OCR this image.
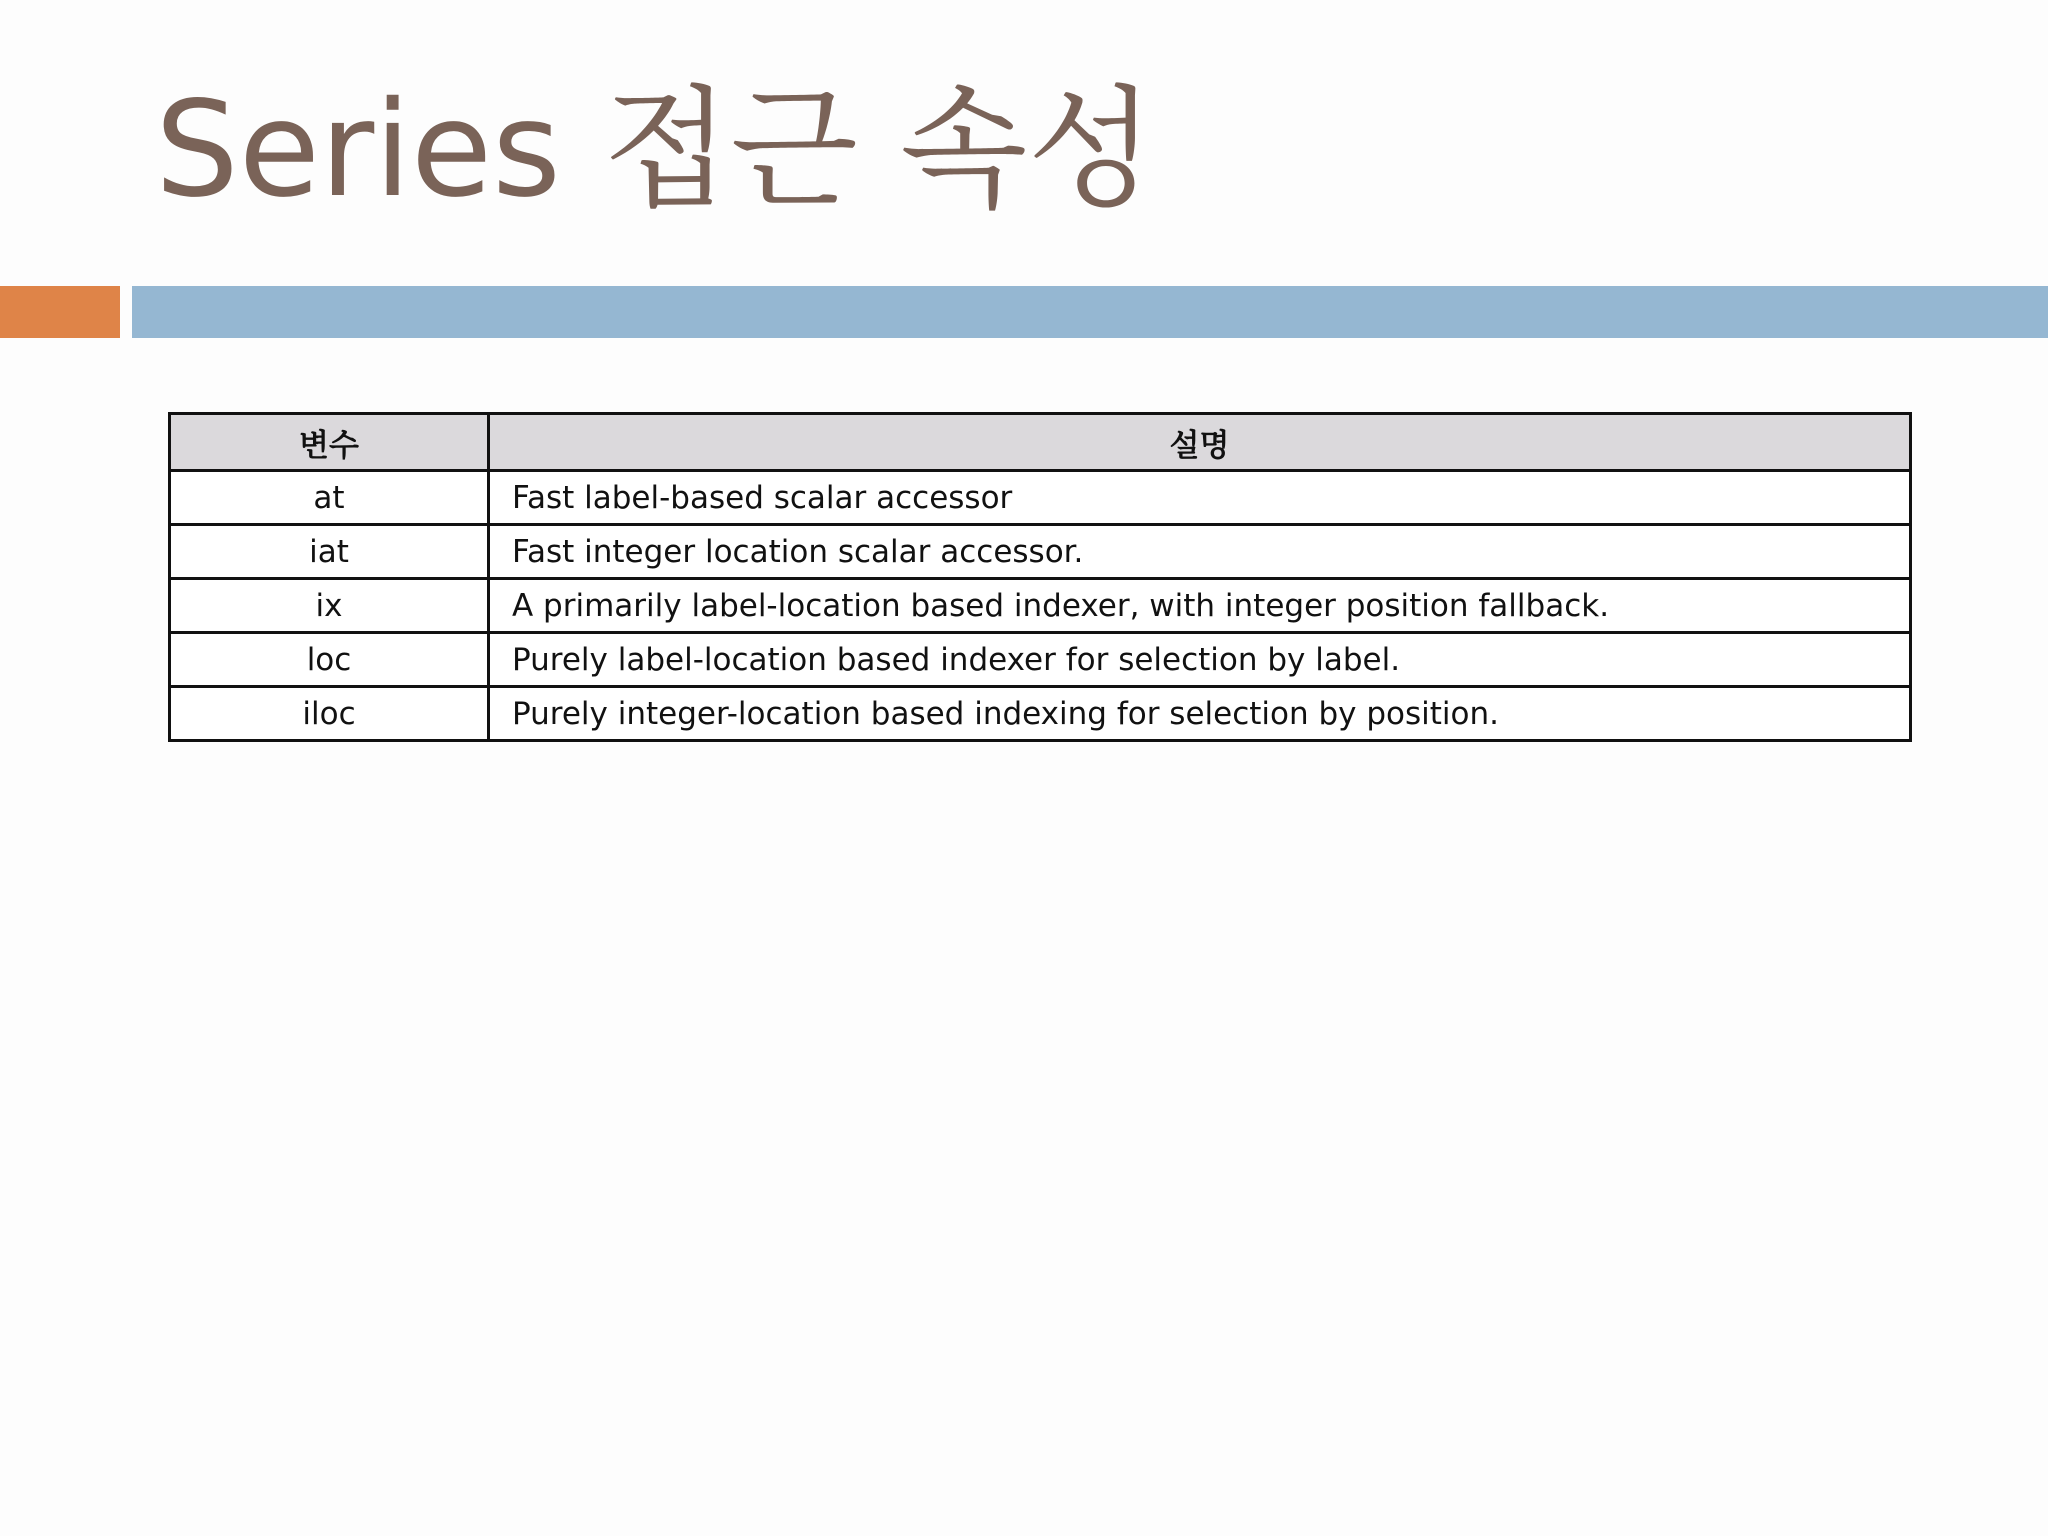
Series 접근 속성
변수	설명
at	Fast label-based scalar accessor
iat	Fast integer location scalar accessor.
ix	A primarily label-location based indexer, with integer position fallback.
loc	Purely label-location based indexer for selection by label.
iloc	Purely integer-location based indexing for selection by position.
